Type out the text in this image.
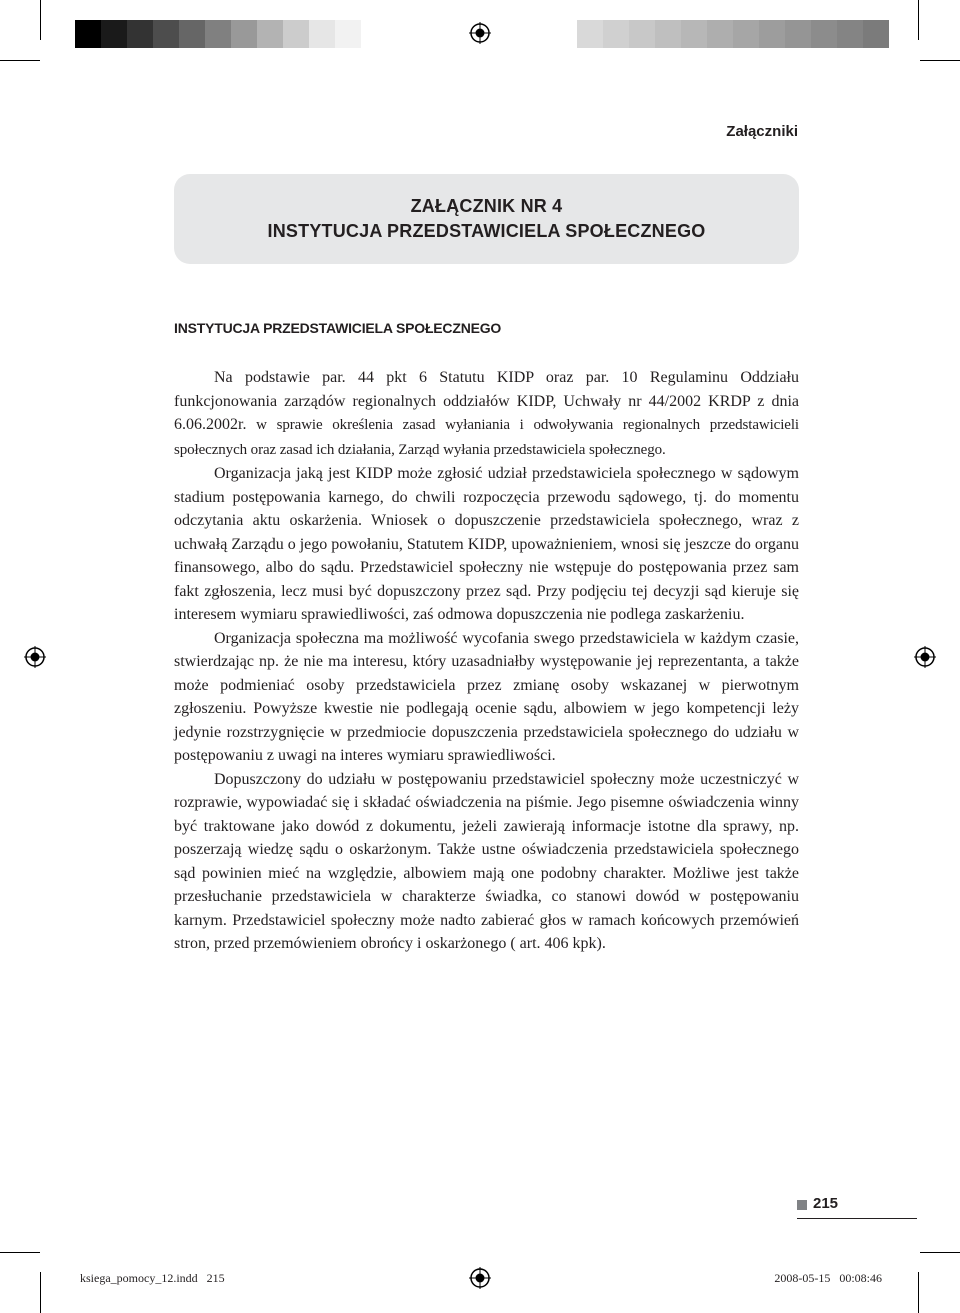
Załączniki
ZAŁĄCZNIK NR 4
INSTYTUCJA PRZEDSTAWICIELA SPOŁECZNEGO
INSTYTUCJA PRZEDSTAWICIELA SPOŁECZNEGO

Na podstawie par. 44 pkt 6 Statutu KIDP oraz par. 10 Regulaminu Oddziału funkcjonowania zarządów regionalnych oddziałów KIDP, Uchwały nr 44/2002 KRDP z dnia 6.06.2002r. w sprawie określenia zasad wyłaniania i odwoływania regionalnych przedstawicieli społecznych oraz zasad ich działania, Zarząd wyłania przedstawiciela społecznego.

Organizacja jaką jest KIDP może zgłosić udział przedstawiciela społecznego w sądowym stadium postępowania karnego, do chwili rozpoczęcia przewodu sądowego, tj. do momentu odczytania aktu oskarżenia. Wniosek o dopuszczenie przedstawiciela społecznego, wraz z uchwałą Zarządu o jego powołaniu, Statutem KIDP, upoważnieniem, wnosi się jeszcze do organu finansowego, albo do sądu. Przedstawiciel społeczny nie wstępuje do postępowania przez sam fakt zgłoszenia, lecz musi być dopuszczony przez sąd. Przy podjęciu tej decyzji sąd kieruje się interesem wymiaru sprawiedliwości, zaś odmowa dopuszczenia nie podlega zaskarżeniu.

Organizacja społeczna ma możliwość wycofania swego przedstawiciela w każdym czasie, stwierdzając np. że nie ma interesu, który uzasadniałby występowanie jej reprezentanta, a także może podmieniać osoby przedstawiciela przez zmianę osoby wskazanej w pierwotnym zgłoszeniu. Powyższe kwestie nie podlegają ocenie sądu, albowiem w jego kompetencji leży jedynie rozstrzygnięcie w przedmiocie dopuszczenia przedstawiciela społecznego do udziału w postępowaniu z uwagi na interes wymiaru sprawiedliwości.

Dopuszczony do udziału w postępowaniu przedstawiciel społeczny może uczestniczyć w rozprawie, wypowiadać się i składać oświadczenia na piśmie. Jego pisemne oświadczenia winny być traktowane jako dowód z dokumentu, jeżeli zawierają informacje istotne dla sprawy, np. poszerzają wiedzę sądu o oskarżonym. Także ustne oświadczenia przedstawiciela społecznego sąd powinien mieć na względzie, albowiem mają one podobny charakter. Możliwe jest także przesłuchanie przedstawiciela w charakterze świadka, co stanowi dowód w postępowaniu karnym. Przedstawiciel społeczny może nadto zabierać głos w ramach końcowych przemówień stron, przed przemówieniem obrońcy i oskarżonego ( art. 406 kpk).

215
ksiega_pomocy_12.indd   215	2008-05-15   00:08:46
